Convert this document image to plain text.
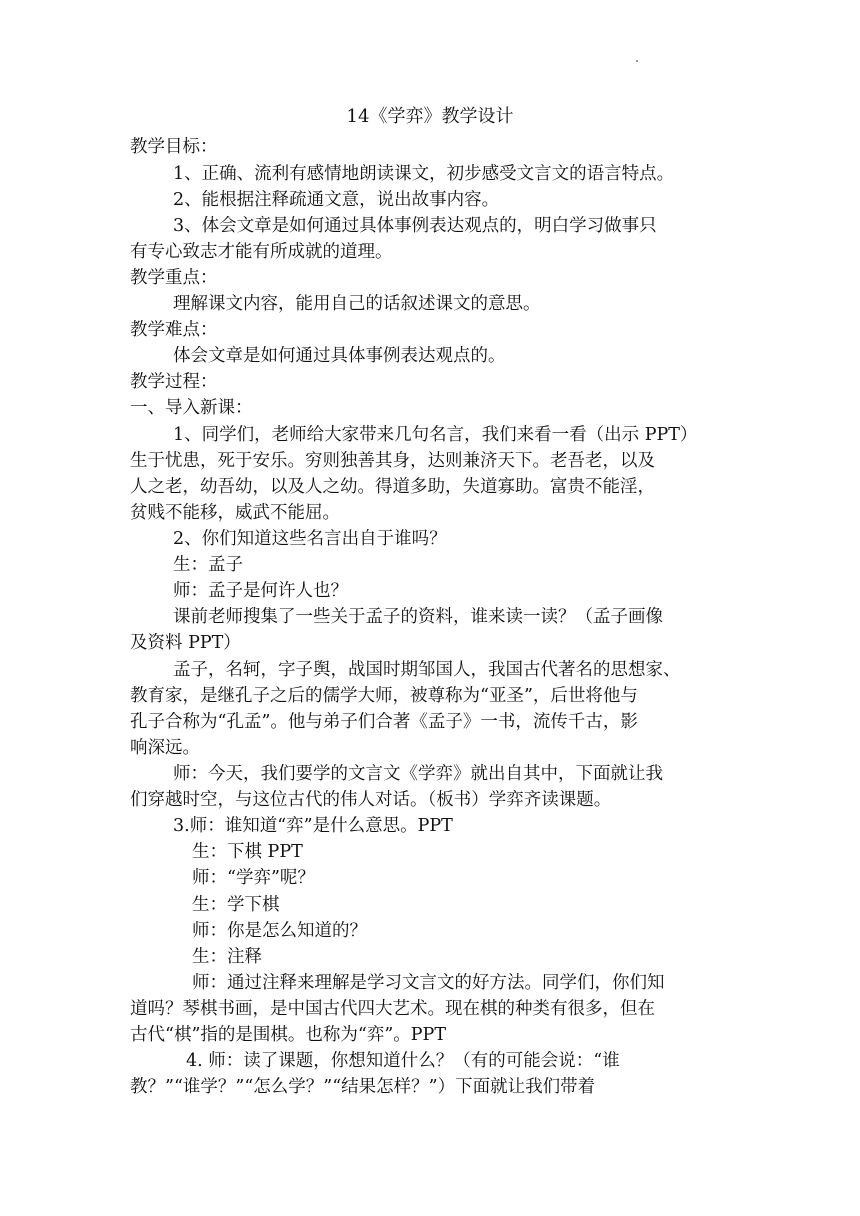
14《学弈》教学设计
教学目标：
1、正确、流利有感情地朗读课文，初步感受文言文的语言特点。
2、能根据注释疏通文意，说出故事内容。
3、体会文章是如何通过具体事例表达观点的，明白学习做事只
有专心致志才能有所成就的道理。
教学重点：
理解课文内容，能用自己的话叙述课文的意思。
教学难点：
体会文章是如何通过具体事例表达观点的。
教学过程：
一、导入新课：
1、同学们，老师给大家带来几句名言，我们来看一看（出示 PPT）
生于忧患，死于安乐。穷则独善其身，达则兼济天下。老吾老，以及
人之老，幼吾幼，以及人之幼。得道多助，失道寡助。富贵不能淫，
贫贱不能移，威武不能屈。
2、你们知道这些名言出自于谁吗？
生：孟子
师：孟子是何许人也？
课前老师搜集了一些关于孟子的资料，谁来读一读？（孟子画像
及资料 PPT）
孟子，名轲，字子舆，战国时期邹国人，我国古代著名的思想家、
教育家，是继孔子之后的儒学大师，被尊称为“亚圣”，后世将他与
孔子合称为“孔孟”。他与弟子们合著《孟子》一书，流传千古，影
响深远。
师：今天，我们要学的文言文《学弈》就出自其中，下面就让我
们穿越时空，与这位古代的伟人对话。（板书）学弈齐读课题。
3.师：谁知道“弈”是什么意思。PPT
生：下棋 PPT
师：“学弈”呢？
生：学下棋
师：你是怎么知道的？
生：注释
师：通过注释来理解是学习文言文的好方法。同学们，你们知
道吗？琴棋书画，是中国古代四大艺术。现在棋的种类有很多，但在
古代“棋”指的是围棋。也称为“弈”。PPT
4. 师：读了课题，你想知道什么？（有的可能会说：“谁
教？”“谁学？”“怎么学？”“结果怎样？”）下面就让我们带着
